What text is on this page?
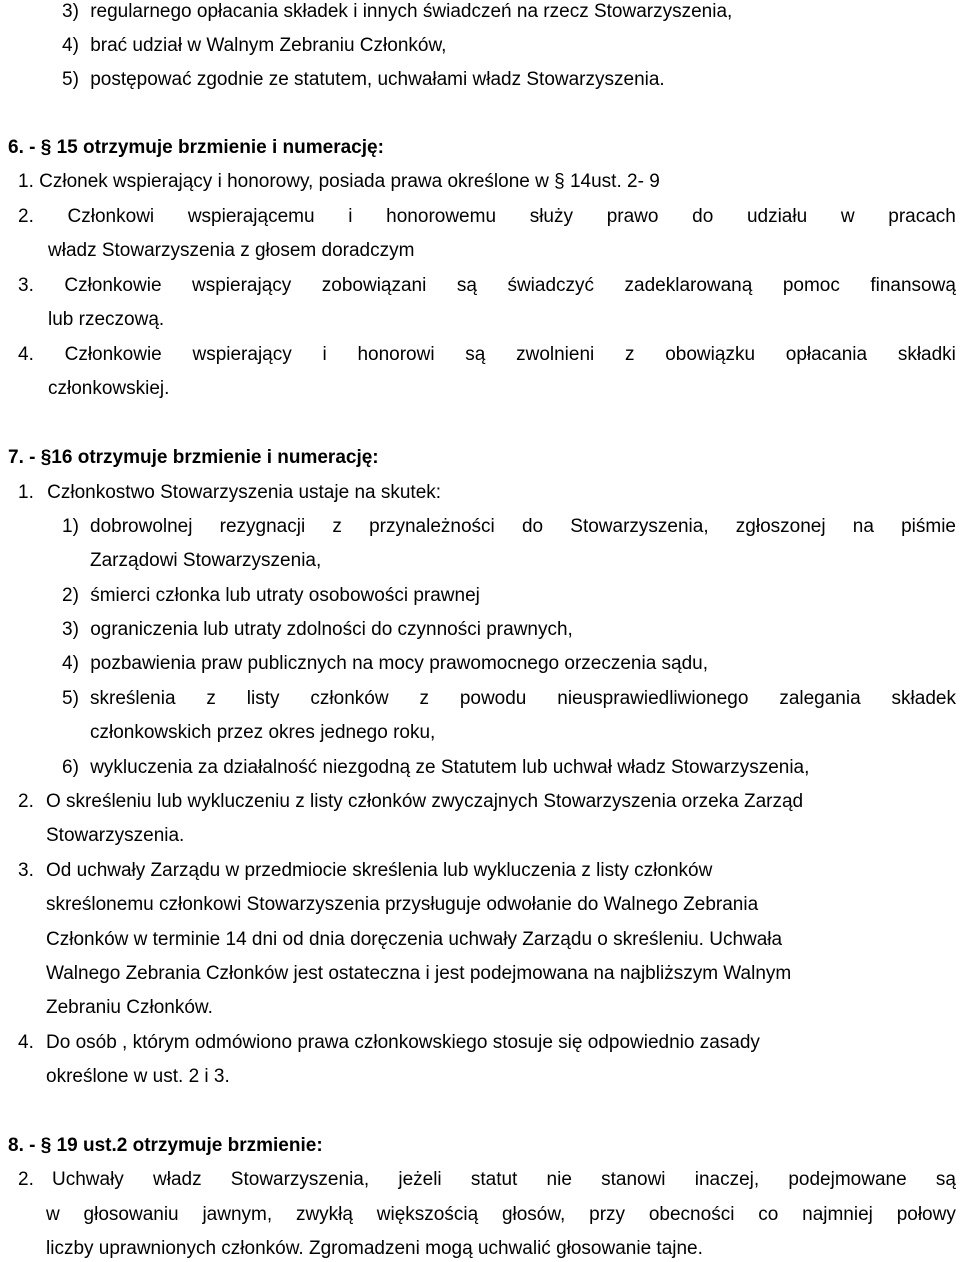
3) regularnego opłacania składek i innych świadczeń na rzecz Stowarzyszenia,
4) brać udział w Walnym Zebraniu Członków,
5) postępować zgodnie ze statutem, uchwałami władz Stowarzyszenia.
6. - § 15 otrzymuje brzmienie i numerację:
1. Członek wspierający i honorowy, posiada prawa określone w § 14ust. 2- 9
2. Członkowi wspierającemu i honorowemu służy prawo do udziału w pracach
władz Stowarzyszenia z głosem doradczym
3. Członkowie wspierający zobowiązani są świadczyć zadeklarowaną pomoc finansową
lub rzeczową.
4. Członkowie wspierający i honorowi są zwolnieni z obowiązku opłacania składki
członkowskiej.
7. - §16 otrzymuje brzmienie i numerację:
1. Członkostwo Stowarzyszenia ustaje na skutek:
1) dobrowolnej rezygnacji z przynależności do Stowarzyszenia, zgłoszonej na piśmie
Zarządowi Stowarzyszenia,
2) śmierci członka lub utraty osobowości prawnej
3) ograniczenia lub utraty zdolności do czynności prawnych,
4) pozbawienia praw publicznych na mocy prawomocnego orzeczenia sądu,
5) skreślenia z listy członków z powodu nieusprawiedliwionego zalegania składek
członkowskich przez okres jednego roku,
6) wykluczenia za działalność niezgodną ze Statutem lub uchwał władz Stowarzyszenia,
2. O skreśleniu lub wykluczeniu z listy członków zwyczajnych Stowarzyszenia orzeka Zarząd
Stowarzyszenia.
3. Od uchwały Zarządu w przedmiocie skreślenia lub wykluczenia z listy członków
skreślonemu członkowi Stowarzyszenia przysługuje odwołanie do Walnego Zebrania
Członków w terminie 14 dni od dnia doręczenia uchwały Zarządu o skreśleniu. Uchwała
Walnego Zebrania Członków jest ostateczna i jest podejmowana na najbliższym Walnym
Zebraniu Członków.
4. Do osób , którym odmówiono prawa członkowskiego stosuje się odpowiednio zasady
określone w ust. 2 i 3.
8. - § 19 ust.2 otrzymuje brzmienie:
2. Uchwały władz Stowarzyszenia, jeżeli statut nie stanowi inaczej, podejmowane są
w głosowaniu jawnym, zwykłą większością głosów, przy obecności co najmniej połowy
liczby uprawnionych członków. Zgromadzeni mogą uchwalić głosowanie tajne.
